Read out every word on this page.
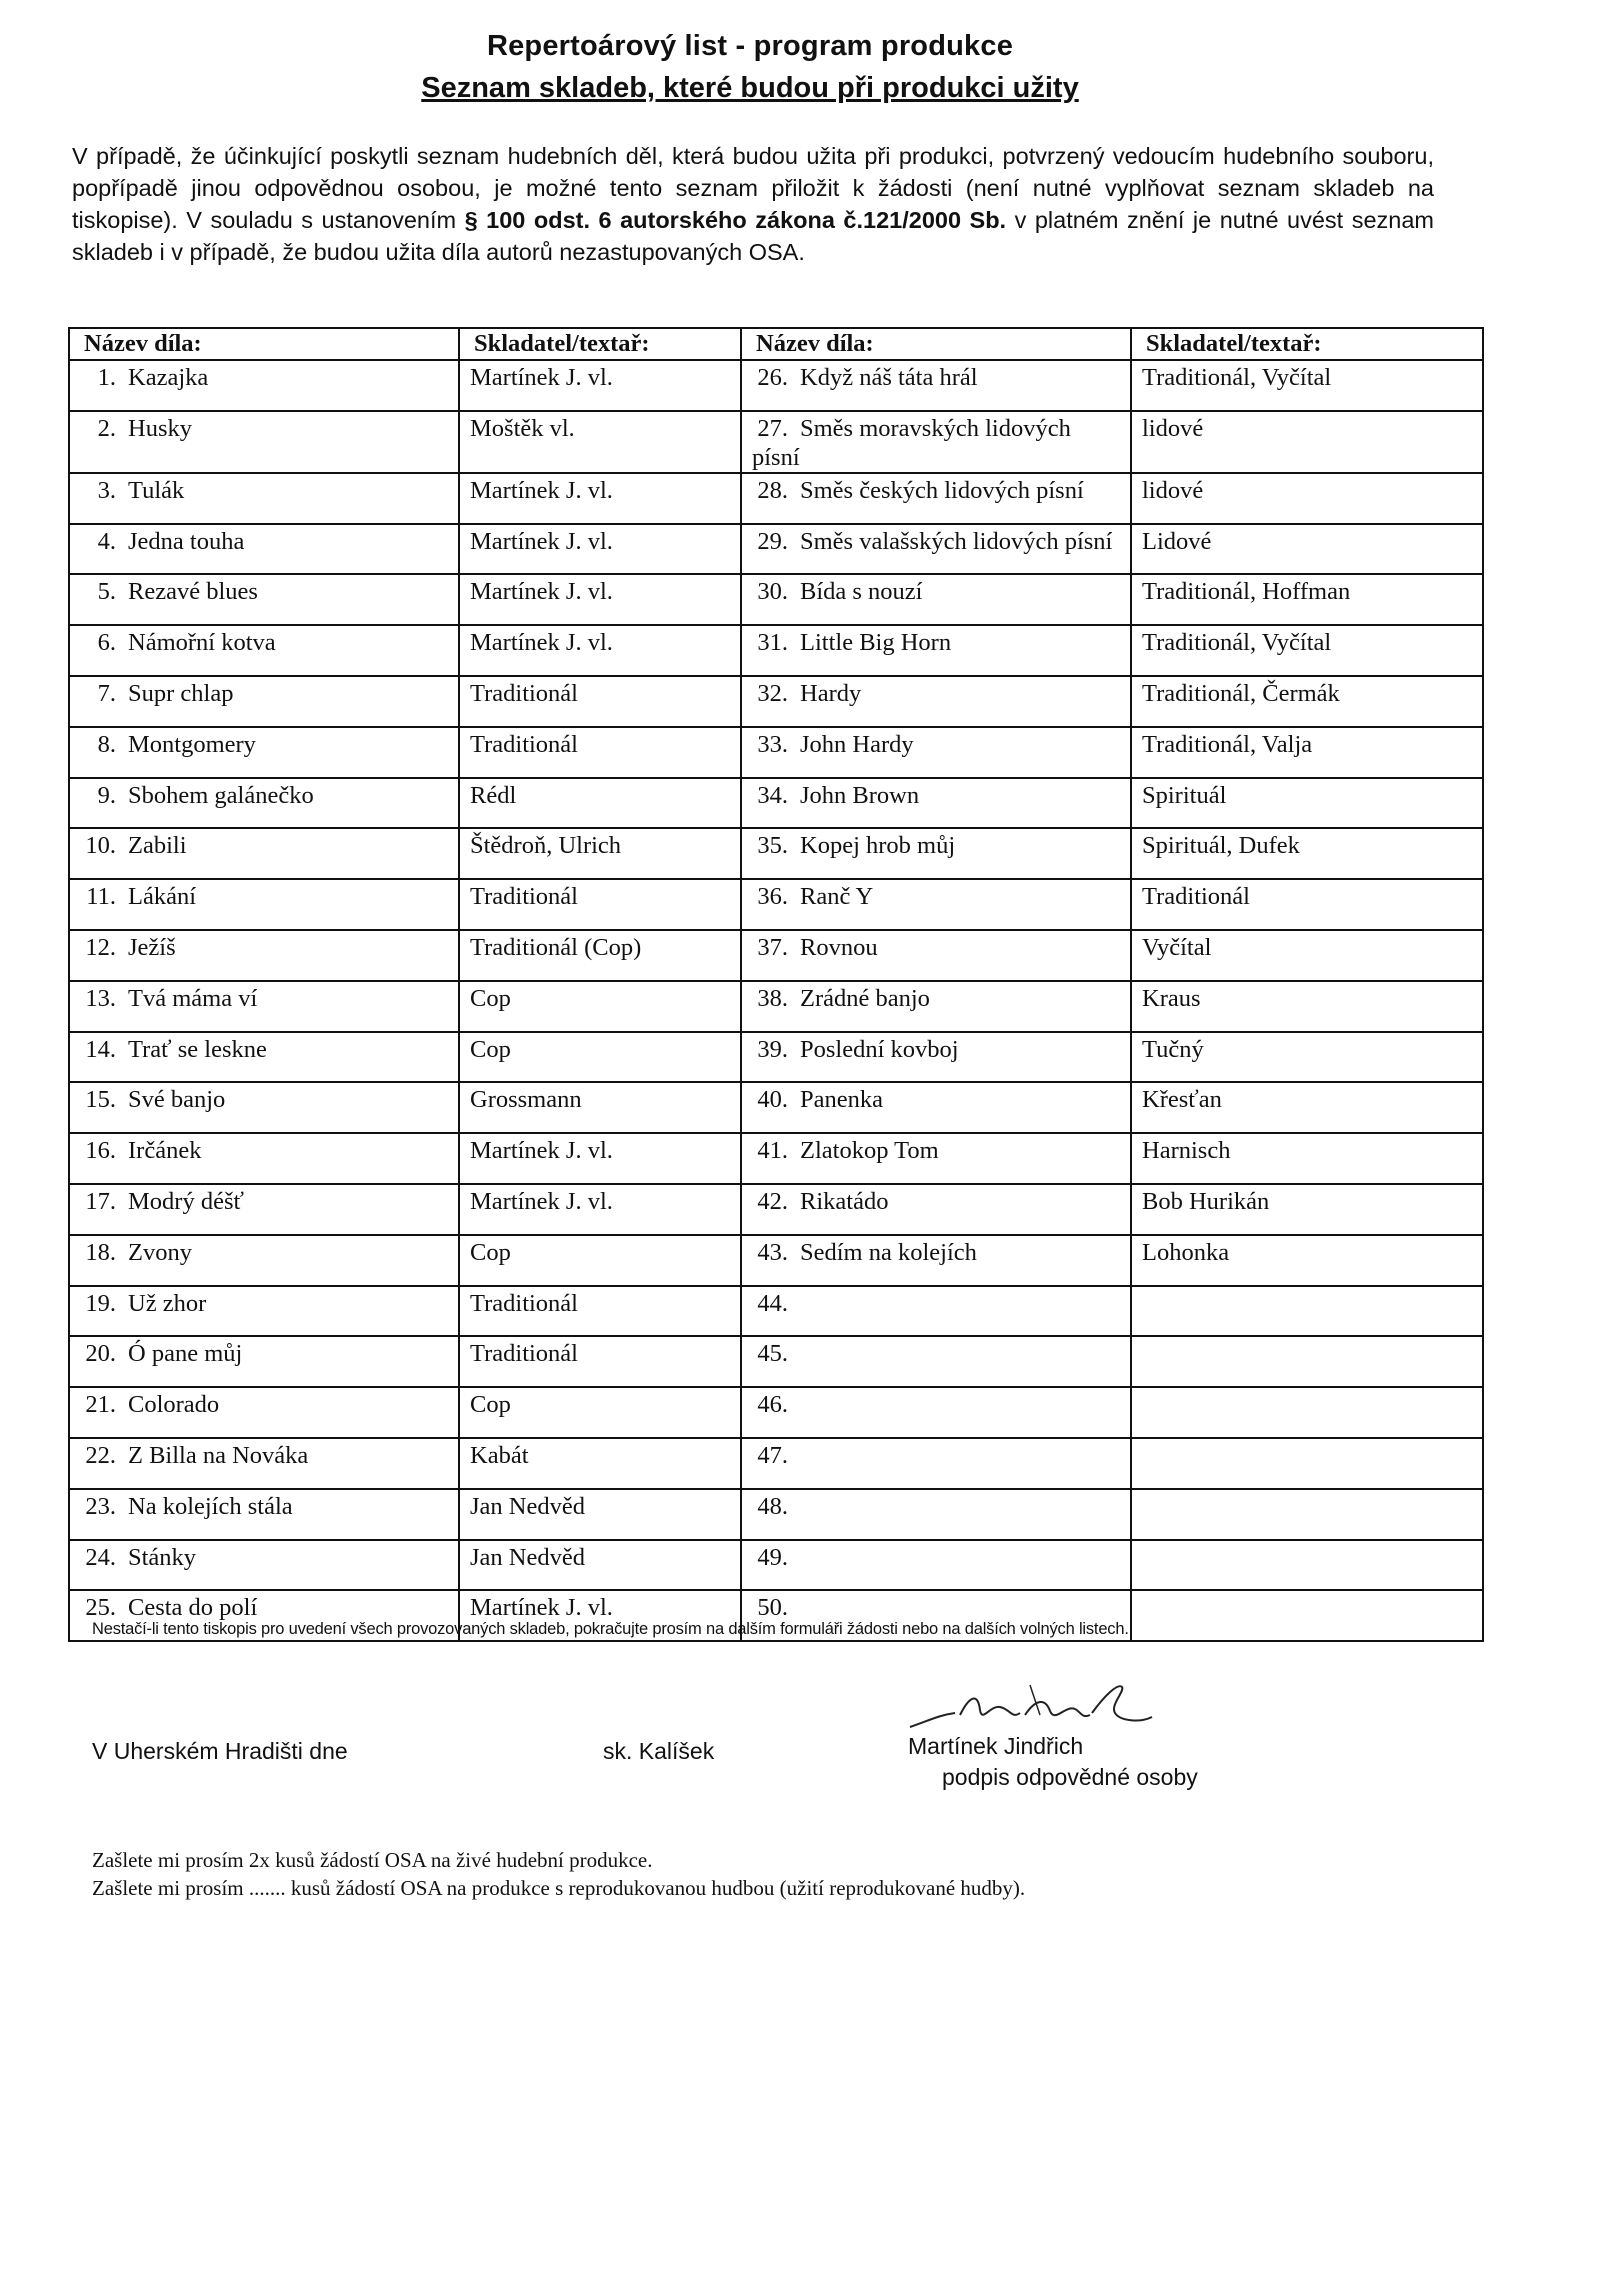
Repertoárový list - program produkce
Seznam skladeb, které budou při produkci užity
V případě, že účinkující poskytli seznam hudebních děl, která budou užita při produkci, potvrzený vedoucím hudebního souboru, popřípadě jinou odpovědnou osobou, je možné tento seznam přiložit k žádosti (není nutné vyplňovat seznam skladeb na tiskopise). V souladu s ustanovením § 100 odst. 6 autorského zákona č.121/2000 Sb. v platném znění je nutné uvést seznam skladeb i v případě, že budou užita díla autorů nezastupovaných OSA.
Název díla:	Skladatel/textař:	Název díla:	Skladatel/textař:
1. Kazajka	Martínek J. vl.	26. Když náš táta hrál	Traditionál, Vyčítal
2. Husky	Moštěk vl.	27. Směs moravských lidových písní	lidové
3. Tulák	Martínek J. vl.	28. Směs českých lidových písní	lidové
4. Jedna touha	Martínek J. vl.	29. Směs valašských lidových písní	Lidové
5. Rezavé blues	Martínek J. vl.	30. Bída s nouzí	Traditionál, Hoffman
6. Námořní kotva	Martínek J. vl.	31. Little Big Horn	Traditionál, Vyčítal
7. Supr chlap	Traditionál	32. Hardy	Traditionál, Čermák
8. Montgomery	Traditionál	33. John Hardy	Traditionál, Valja
9. Sbohem galánečko	Rédl	34. John Brown	Spirituál
10. Zabili	Štědroň, Ulrich	35. Kopej hrob můj	Spirituál, Dufek
11. Lákání	Traditionál	36. Ranč Y	Traditionál
12. Ježíš	Traditionál (Cop)	37. Rovnou	Vyčítal
13. Tvá máma ví	Cop	38. Zrádné banjo	Kraus
14. Trať se leskne	Cop	39. Poslední kovboj	Tučný
15. Své banjo	Grossmann	40. Panenka	Křesťan
16. Irčánek	Martínek J. vl.	41. Zlatokop Tom	Harnisch
17. Modrý déšť	Martínek J. vl.	42. Rikatádo	Bob Hurikán
18. Zvony	Cop	43. Sedím na kolejích	Lohonka
19. Už zhor	Traditionál	44.	
20. Ó pane můj	Traditionál	45.	
21. Colorado	Cop	46.	
22. Z Billa na Nováka	Kabát	47.	
23. Na kolejích stála	Jan Nedvěd	48.	
24. Stánky	Jan Nedvěd	49.	
25. Cesta do polí	Martínek J. vl.	50.	
Nestačí-li tento tiskopis pro uvedení všech provozovaných skladeb, pokračujte prosím na dalším formuláři žádosti nebo na dalších volných listech.
V Uherském Hradišti dne	sk. Kalíšek	Martínek Jindřich
podpis odpovědné osoby
Zašlete mi prosím 2x kusů žádostí OSA na živé hudební produkce.
Zašlete mi prosím ....... kusů žádostí OSA na produkce s reprodukovanou hudbou (užití reprodukované hudby).
